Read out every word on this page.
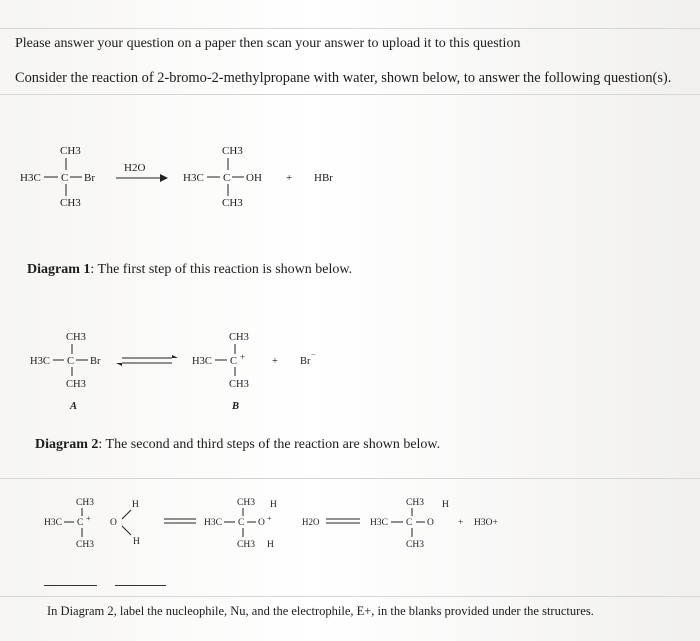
Please answer your question on a paper then scan your answer to upload it to this question
Consider the reaction of 2-bromo-2-methylpropane with water, shown below, to answer the following question(s).
CH3
H3C C Br
CH3
H2O
CH3
H3C C OH
CH3
+ HBr
CH3
H3C C Br
CH3
A
CH3
H3C C +
CH3
B
+ Br
−
CH3
H3C C +
CH3
H
O
H
CH3
H3C C O +
H
CH3 H
H2O
CH3
H3C C O
H
CH3
+ H3O+
Diagram 1: The first step of this reaction is shown below.
Diagram 2: The second and third steps of the reaction are shown below.
In Diagram 2, label the nucleophile, Nu, and the electrophile, E+, in the blanks provided under the structures.
